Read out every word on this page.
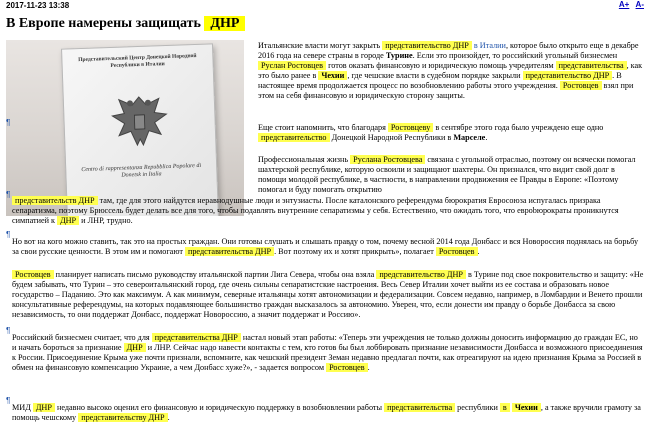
2017-11-23 13:38	A+ A-
В Европе намерены защищать ДНР
Представительский Центр Донецкой Народной Республики в Италии
Centro di rappresentanza Repubblica Popolare di Donetsk in Italia

Итальянские власти могут закрыть представительство ДНР в Италии, которое было открыто еще в декабре 2016 года на севере страны в городе Турине. Если это произойдет, то российский угольный бизнесмен Руслан Ростовцев готов оказать финансовую и юридическую помощь учредителям представительства , как это было ранее в Чехии , где чешские власти в судебном порядке закрыли представительство ДНР . В настоящее время продолжается процесс по возобновлению работы этого учреждения. Ростовцев взял при этом на себя финансовую и юридическую сторону защиты.

¶

Еще стоит напомнить, что благодаря Ростовцеву в сентябре этого года было учреждено еще одно представительство Донецкой Народной Республики в Марселе.

Профессиональная жизнь Руслана Ростовцева связана с угольной отраслью, поэтому он всячески помогал шахтерской республике, которую освоили и защищают шахтеры. Он признался, что видит свой долг в помощи молодой республике, в частности, в направлении продвижения ее Правды в Европе: «Поэтому помогал и буду помогать открытию

¶

представительств ДНР там, где для этого найдутся неравнодушные люди и энтузиасты. После каталонского референдума бюрократия Евросоюза испугалась призрака сепаратизма, поэтому Брюссель будет делать все для того, чтобы подавлять внутренние сепаратизмы у себя. Естественно, что ожидать того, что еврobюрократы проникнутся симпатией к ДНР и ЛНР, трудно.

¶

Но вот на кого можно ставить, так это на простых граждан. Они готовы слушать и слышать правду о том, почему весной 2014 года Донбасс и вся Новороссия поднялась на борьбу за свои русские ценности. В этом им и помогают представительства ДНР . Вот поэтому их и хотят прикрыть», полагает Ростовцев .

Ростовцев планирует написать письмо руководству итальянской партии Лига Севера, чтобы она взяла представительство ДНР в Турине под свое покровительство и защиту: «Не будем забывать, что Турин – это североитальянский город, где очень сильны сепаратистские настроения. Весь Север Италии хочет выйти из ее состава и образовать новое государство – Паданию. Это как максимум. А как минимум, северные итальянцы хотят автономизации и федерализации. Совсем недавно, например, в Ломбардии и Венето прошли консультативные референдумы, на которых подавляющее большинство граждан высказалось за автономию. Уверен, что, если донести им правду о борьбе Донбасса за свою независимость, то они поддержат Донбасс, поддержат Новороссию, а значит поддержат и Россию».

¶

Российский бизнесмен считает, что для представительства ДНР настал новый этап работы: «Теперь эти учреждения не только должны доносить информацию до граждан ЕС, но и начать бороться за признание ДНР и ЛНР. Сейчас надо навести контакты с тем, кто готов бы был лоббировать признание независимости Донбасса и возможного присоединения к России. Присоединение Крыма уже почти признали, вспомните, как чешский президент Земан недавно предлагал почти, как отреагируют на идею признания Крыма за Россией в обмен на финансовую компенсацию Украине, а чем Донбасс хуже?», - задается вопросом Ростовцев .

¶

МИД ДНР недавно высоко оценил его финансовую и юридическую поддержку в возобновлении работы представительства республики в Чехии , а также вручили грамоту за помощь чешскому представительству ДНР .
